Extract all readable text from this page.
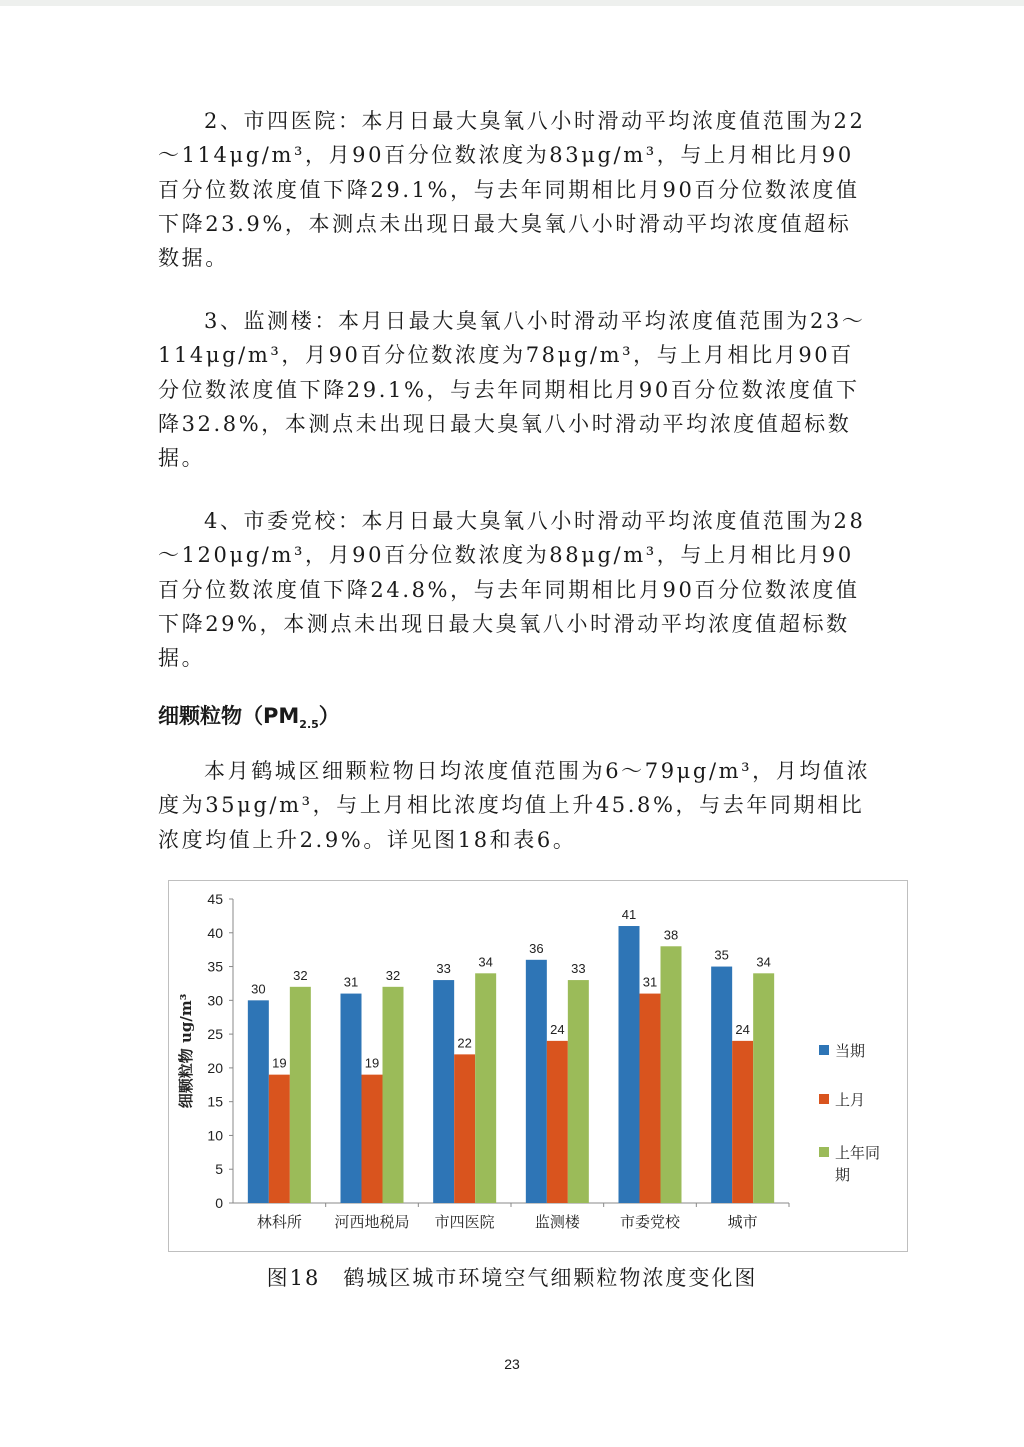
2、市四医院：本月日最大臭氧八小时滑动平均浓度值范围为22～114μg/m³，月90百分位数浓度为83μg/m³，与上月相比月90百分位数浓度值下降29.1%，与去年同期相比月90百分位数浓度值下降23.9%，本测点未出现日最大臭氧八小时滑动平均浓度值超标数据。

3、监测楼：本月日最大臭氧八小时滑动平均浓度值范围为23～114μg/m³，月90百分位数浓度为78μg/m³，与上月相比月90百分位数浓度值下降29.1%，与去年同期相比月90百分位数浓度值下降32.8%，本测点未出现日最大臭氧八小时滑动平均浓度值超标数据。

4、市委党校：本月日最大臭氧八小时滑动平均浓度值范围为28～120μg/m³，月90百分位数浓度为88μg/m³，与上月相比月90百分位数浓度值下降24.8%，与去年同期相比月90百分位数浓度值下降29%，本测点未出现日最大臭氧八小时滑动平均浓度值超标数据。

细颗粒物$(PM_{2.5})$

本月鹤城区细颗粒物日均浓度值范围为6～79μg/m³，月均值浓度为35μg/m³，与上月相比浓度均值上升45.8%，与去年同期相比浓度均值上升2.9%。详见图18和表6。

0
5
10
15
20
25
30
35
40
45
细颗粒物 ug/m³
30
19
32
林科所
31
19
32
河西地税局
33
22
34
市四医院
36
24
33
监测楼
41
31
38
市委党校
35
24
34
城市
当期
上月
上年同
期
图18　鹤城区城市环境空气细颗粒物浓度变化图
23
